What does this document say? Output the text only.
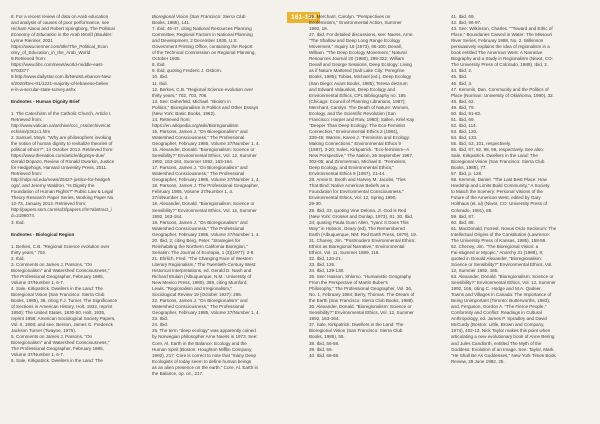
161-162
8. For a recent review of data on Arab education
and analysis of causes of poor performance, see
Hicham Alaoui and Robert Springborg, The Political
Economy of Education in the Arab World (Boulder:
Lynne Rienner, 2021
https://www.rienner.com/title/The_Political_Econ
omy_of_Education_in_the_Arab_World
9.Retrieved from:
https://www.bbc.com/news/world-middle-east-
6703377
9.http://www.dailystar.com.lb/News/Lebanon-New
s/2020/Dec-01/1221-majority-of-lebanese-believ
e-in-a-secular-state-survey.ashx
Endnotes - Human Dignity Brief
1. The Catechism of the Catholic Church, Article I.
Retrieved from:
http://www.vatican.va/archive/ccc_css/archive/cat
echism/p3s1c1.htm
2. Samuel, Moyn. "Why are philosophers invoking
the notion of human dignity to revitalize theories of
political ethics?", 14 October 2013. Retrieved from:
https://www.thenation.com/article/dignitys-due/
Gerald Dopazo, Review of Ronald Dworkin, Justice
for Hedgehogs, Harvard University Press, 2011.
Retrieved from:
http://ndpr.nd.edu/news/25427-justice-for-hedgeh
ogs/, and Jeremy Waldron, "Is Dignity the
Foundation of Human Rights?" Public Law & Legal
Theory Research Paper Series, Working Paper No.
12-73, January 2013. Retrieved from:
http://papers.ssrn.com/sol3/papers.cfm?abstract_i
d=2196074.
3. Ibid.
Endnotes - Biological Region
1. Berkes, C.B. "Regional Science evolution over
thirty years," 702.
2. Ibid.
3. Comments on James J. Parsons, "On
Bioregionalism" and Watershed Consciousness,"
The Professional Geographer, February 1985,
Volume 37/Number 1, 6-7.
4. Sale, Kirkpatrick. Dwellers in the Land: The
Bioregional Vision (San Francisco: Sierra Club
Books, 1985), 38, citing F.J. Turner, The Significance
of Sections in American History, Holt, 1932, reprint
1950); The United States, 1830-50, Holt, 1935,
reprint 1958; American Sociological Society Papers,
Vol. II, 1908; and see, Benton, James G. Frederick
Jackson Turner (Twayne, 1975).
5. Comments on James J. Parsons, "On
Bioregionalism" and Watershed Consciousness,"
The Professional Geographer, February 1985,
Volume 37/Number 1, 6-7.
6. Sale, Kirkpatrick. Dwellers in the Land: The
Bioregional Vision (San Francisco: Sierra Club
Books, 1985), 141.
7. Ibid, 46-47, citing National Resources Planning
Committee, Regional Factors in National Planning
and Development, 2 December 1935, U.S.
Government Printing Office, containing the Report
of the Technical Commission on Regional Planning,
October 1935.
8. Ibid.
9. Ibid, quoting Frederic J. Osborn.
10. Ibid.
11. Ibid.
12. Berkes, C.B. "Regional Science evolution over
thirty years," 702, 703, 706.
13. See: Daherfeld, Michael. "Bioism in
Politics," Bioregionalism in Politics and Other Essays
(New York: Basic Books, 1962).
14. Retrieved from:
https://en.wikipedia.org/wiki/Bioregionalism
15. Parsons, James J. "On Bioregionalism" and
Watershed Consciousness," The Professional
Geographer, February 1985, Volume 37/Number 1, 4.
16. Alexander, Donald. "Bioregionalism: Science or
Sensibility?" Environmental Ethics, Vol. 12, Summer
1992, 163-164, Summer 1992, 163-164.
17. Parsons, James J. "On Bioregionalism" and
Watershed Consciousness," The Professional
Geographer, February 1985, Volume 37/Number 1, 4.
18. Parsons, James J. The Professional Geographer,
February 1985, Volume 37/Number 1, 4.
37/4/Number 1, 4.
18. Alexander, Donald. "Bioregionalism: Science or
Sensibility?" Environmental Ethics, Vol. 12, Summer
1992, 163-164.
19. Parsons, James J. "On Bioregionalism" and
Watershed Consciousness," The Professional
Geographer, February 1985, Volume 37/Number 1, 4.
20. Ibid, 2; citing Berg, Peter. "Strategies for
Reinhabiting the Northern California Bioregion,"
Seriatim: The Journal of Ecotopia, 1 (3)(1977): 2-8.
21. Ehrlich, Fred. "The Changing Face of Western
Literary Regionalism," The Twentieth-Century West:
Historical Interpretations, ed. Gerald D. Nash and
Richard Etulain (Albuquerque, N.M.: University of
New Mexico Press, 1989), 389, citing Mumford,
Lewis. "Regionalism and Irregionalism,"
Sociological Review 19 (October 1927): 285.
22. Parsons, James J. "On Bioregionalism" and
Watershed Consciousness," The Professional
Geographer, February 1985, Volume 37/Number 1, 4.
23. Ibid.
24. Ibid.
25. The term "deep ecology" was apparently coined
by Norwegian philosopher Arne Naess in 1973. See:
Core, Al. Earth in the Balance: Ecology and the
Human Spirit (Boston: Houghton Mifflin Company,
1992), 217. Core is correct to note that "many Deep
Ecologists of today seem to define human beings
as an alien presence on the earth." Core, Al. Earth in
the Balance, op. cit., 217.
26. Merchant, Carolyn. "Perspectives on
Ecofeminism," Environmental Action, Summer
1992, 18.
27. Ibid. For detailed discussions, see: Naess, Arne.
"The Shallow and Deep Long Range Ecology
Movement," Inquiry 16 (1973), 95-100; Devall,
William. "The Deep Ecology Movement," Natural
Resources Journal 20 (1980), 299-322; William
Devall and George Sessions, Deep Ecology: Living
as if Nature Mattered (Salt Lake City: Peregrine
Books, 1985); Tobias, Michael (ed.), Deep Ecology
(San Diego: Avant Books, 1985); Teresa deGrum
and Edward Valauskas, Deep Ecology and
Environmental Ethics, CPL Bibliography no. 185
(Chicago: Council of Planning Librarians, 1987);
Merchant, Carolyn. The Death of Nature: Women,
Ecology, and the Scientific Revolution (San
Francisco: Harper and Row, 1980); Sallen, Kriel Kay
"Deeper Than Deep Ecology: The Eco-Feminist
Connection," Environmental Ethics 2 (1984),
339-45; Warren, Karen J. "Feminism and Ecology:
Making Connections," Environmental Ethics 9
(1987), 3-20; Sales, Kirkpatrick. "Eco-feminism--A
New Perspective," The Nation, 26 September 1987,
302-05; and Zimmerman, Michael E. "Feminism,
Deep Ecology, and Environmental Ethics,"
Environmental Ethics 9 (1987), 21-44.
28. Annie E. Booth and Harvey M. Jacobs, "Ties
That Bind: Native American Beliefs as a
Foundation for Environmental Consciousness,"
Environmental Ethics, Vol. 12, Spring 1990,
29-30.
29. Ibid, 33, quoting Vine Deloria, Jr. God is Red
(New York: Grosset and Dunlap, 1973), 81, 30. Ibid,
34; quoting Paula Gunn Allen, "Iyani: It Goes This
Way" in Hobson, Geary (ed), The Remembered
Earth (Albuquerque, NM: Red Earth Press, 1979), 19.
31. Chaney, Jim. "Postmodern Environmental Ethics:
Ethics as Bioregional Narrative," Environmental
Ethics, Vol. 11, Summer 1989, 118.
32. Ibid, 120-21.
33. Ibid, 126.
34. Ibid, 129-130.
35. See: Hasson, Shlomo. "Humanistic Geography
From the Perspective of Martin Buber's
Philosophy," The Professional Geographer, Vol. 36,
No. 1, February 1984; Berry, Thomas. The Dream of
the Earth (San Francisco: Sierra Club Books, 1988).
36. Alexander, Donald. "Bioregionalism: Science or
Sensibility?" Environmental Ethics, Vol. 12, Summer
1992, 163-164.
37. Sale, Kirkpatrick. Dwellers in the Land: The
Bioregional Vision (San Francisco: Sierra Club
Books, 1985), 55.
38. Ibid, 56-58.
39. Ibid, 59.
40. Ibid, 68-69.
41. Ibid, 69.
42. Ibid, 96-97.
43. See: Wilkinson, Charles. ""Toward and Ethic of
Place," Boundaries Carved in Water: The Missouri
River Series, February 1988, No. 2. Wilkinson
persuasively explains the idea of regionalism in a
book entitled The American West: A Narrative
Biography and a Study in Regionalism (Niwot, CO:
The University Press of Colorado, 1989), Ibid, 2.
44. Ibid, 2.
45. Ibid.
46. Ibid, 3.
47. Kemmis, Dan. Community and the Politics of
Place (Norman: University of Oklahoma, 1990), 32.
48. Ibid, 62.
49. Ibid, 79.
50. Ibid, 81-82.
51. Ibid, 69.
52. Ibid, 114.
53. Ibid, 120.
54. Ibid, 133.
55. Ibid, 53, 101, respectively.
56. Ibid, 87, 92, 98, 99, respectively. See also:
Sale, Kirkpatrick. Dwellers in the Land: The
Bioregional Vision (San Francisco: Sierra Club
Books, 1985), 77.
57. Ibid, p. 128.
58. Kemmis, Daniel. "The Last Best Place: How
Hardship and Limits Build Community," A Society
to Match the Scenery: Personal Visions of the
Future of the American West, edited by Gary
Holthaus (et. al) (Niwot, CO: University Press of
Colorado, 1991), 86.
59. Ibid, 87.
60. Ibid, 88.
61. MacDonald, Forrest. Novus Ordo Seclorum: The
Intellectual Origins of the Constitution (Lawrence:
The University Press of Kansas, 1985), 158-59.
62. Cheney, Jim. "The Bioregional Vision: a
Fai-ssigned or Myopic," Anarchy 31 (1988), 9;
quoted in Donald Alexander, "Bioregionalism:
Science or Sensibility?" Environmental Ethics, Vol.
12, Summer 1992, 165.
63. Alexander, Donald. "Bioregionalism: Science or
Sensibility?" Environmental Ethics, Vol. 12, Summer
1992, 166, citing C. Hodge and M.A. Qadeer,
Towns and Villages in Canada: The Importance of
Being Unimportant (Toronto: Butterworths, 1983),
and, Ferguson, Gordon A. "The Fierce People,"
Conformity and Conflict: Readings in Cultural
Anthropology, ed. James P. Spradley and David
McCurdy (Boston: Little, Brown and Company,
1974), 402-13. Nick Taylor makes this point when
articulating a new evolutionary book of Anne Bering
and Jules Candlorth, entitled The Myth of the
Goddess: Evolution of an Image. See: Taylor, Mark.
"He Shall Be As Goddesses," New York Times Book
Review, 29 June 1992, 25.
